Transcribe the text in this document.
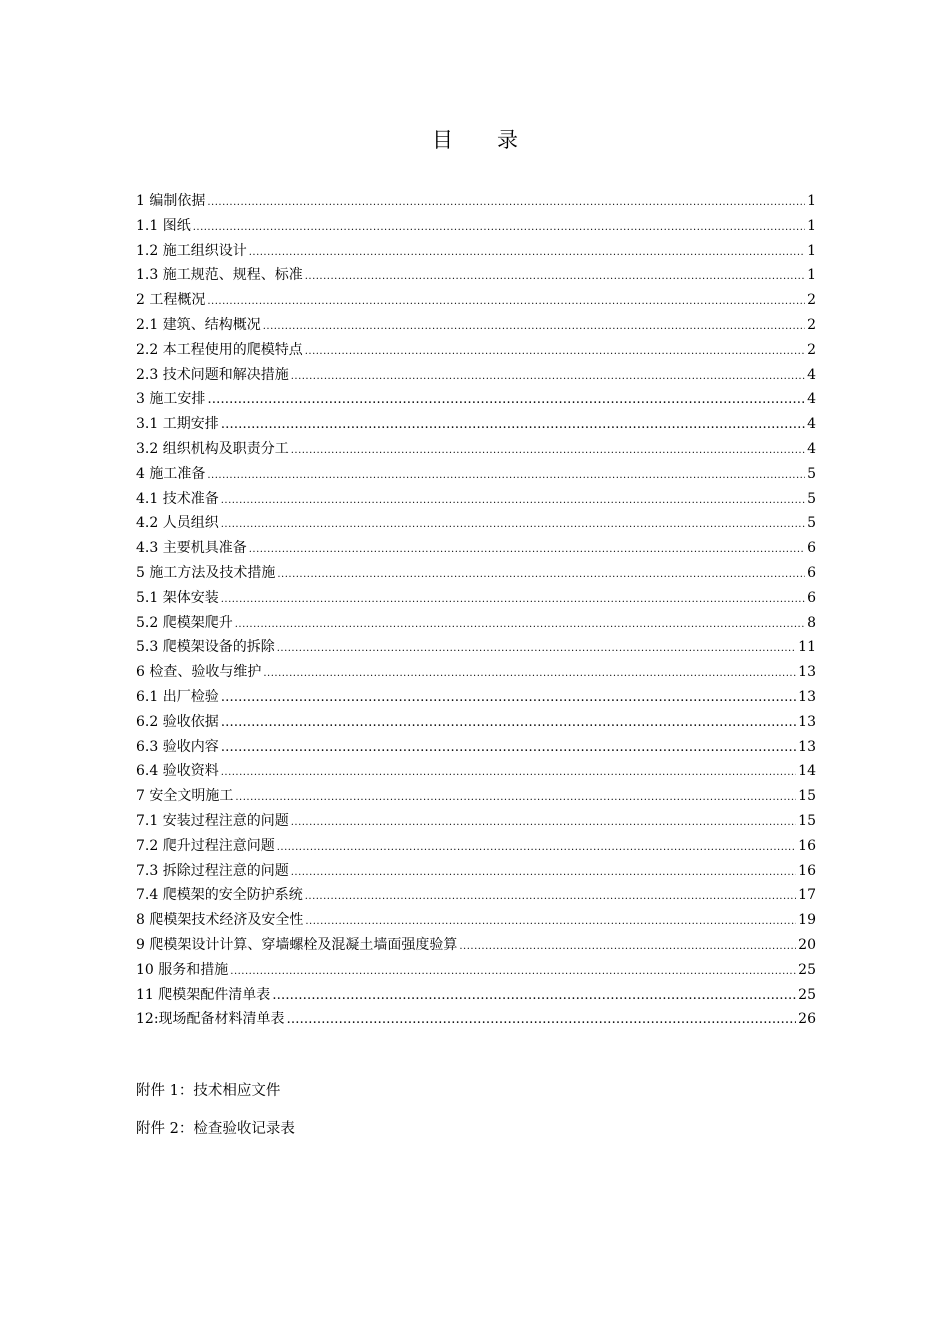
目 录
1 编制依据 .....	1
1.1 图纸 .....	1
1.2 施工组织设计 .....	1
1.3 施工规范、规程、标准 .....	1
2 工程概况 .....	2
2.1 建筑、结构概况 .....	2
2.2 本工程使用的爬模特点 .....	2
2.3 技术问题和解决措施 .....	4
3 施工安排 …………………………………………………………………………………………………………………………………………………………………………………………………	4
3.1 工期安排 …………………………………………………………………………………………………………………………………………………………………………………………………	4
3.2 组织机构及职责分工 .....	4
4 施工准备 .....	5
4.1 技术准备 .....	5
4.2 人员组织 .....	5
4.3 主要机具准备 .....	6
5 施工方法及技术措施 .....	6
5.1 架体安装 .....	6
5.2 爬模架爬升 .....	8
5.3 爬模架设备的拆除 .....	11
6 检查、验收与维护 .....	13
6.1 出厂检验 …………………………………………………………………………………………………………………………………………………………………………………………………	13
6.2 验收依据 …………………………………………………………………………………………………………………………………………………………………………………………………	13
6.3 验收内容 …………………………………………………………………………………………………………………………………………………………………………………………………	13
6.4 验收资料 .....	14
7 安全文明施工 .....	15
7.1 安装过程注意的问题 .....	15
7.2 爬升过程注意问题 .....	16
7.3 拆除过程注意的问题 .....	16
7.4 爬模架的安全防护系统 .....	17
8 爬模架技术经济及安全性 .....	19
9 爬模架设计计算、穿墙螺栓及混凝土墙面强度验算 .....	20
10 服务和措施 .....	25
11 爬模架配件清单表 …………………………………………………………………………………………………………………………………………………………………………………………………	25
12:现场配备材料清单表 …………………………………………………………………………………………………………………………………………………………………………………………………	26
附件 1：技术相应文件
附件 2：检查验收记录表
